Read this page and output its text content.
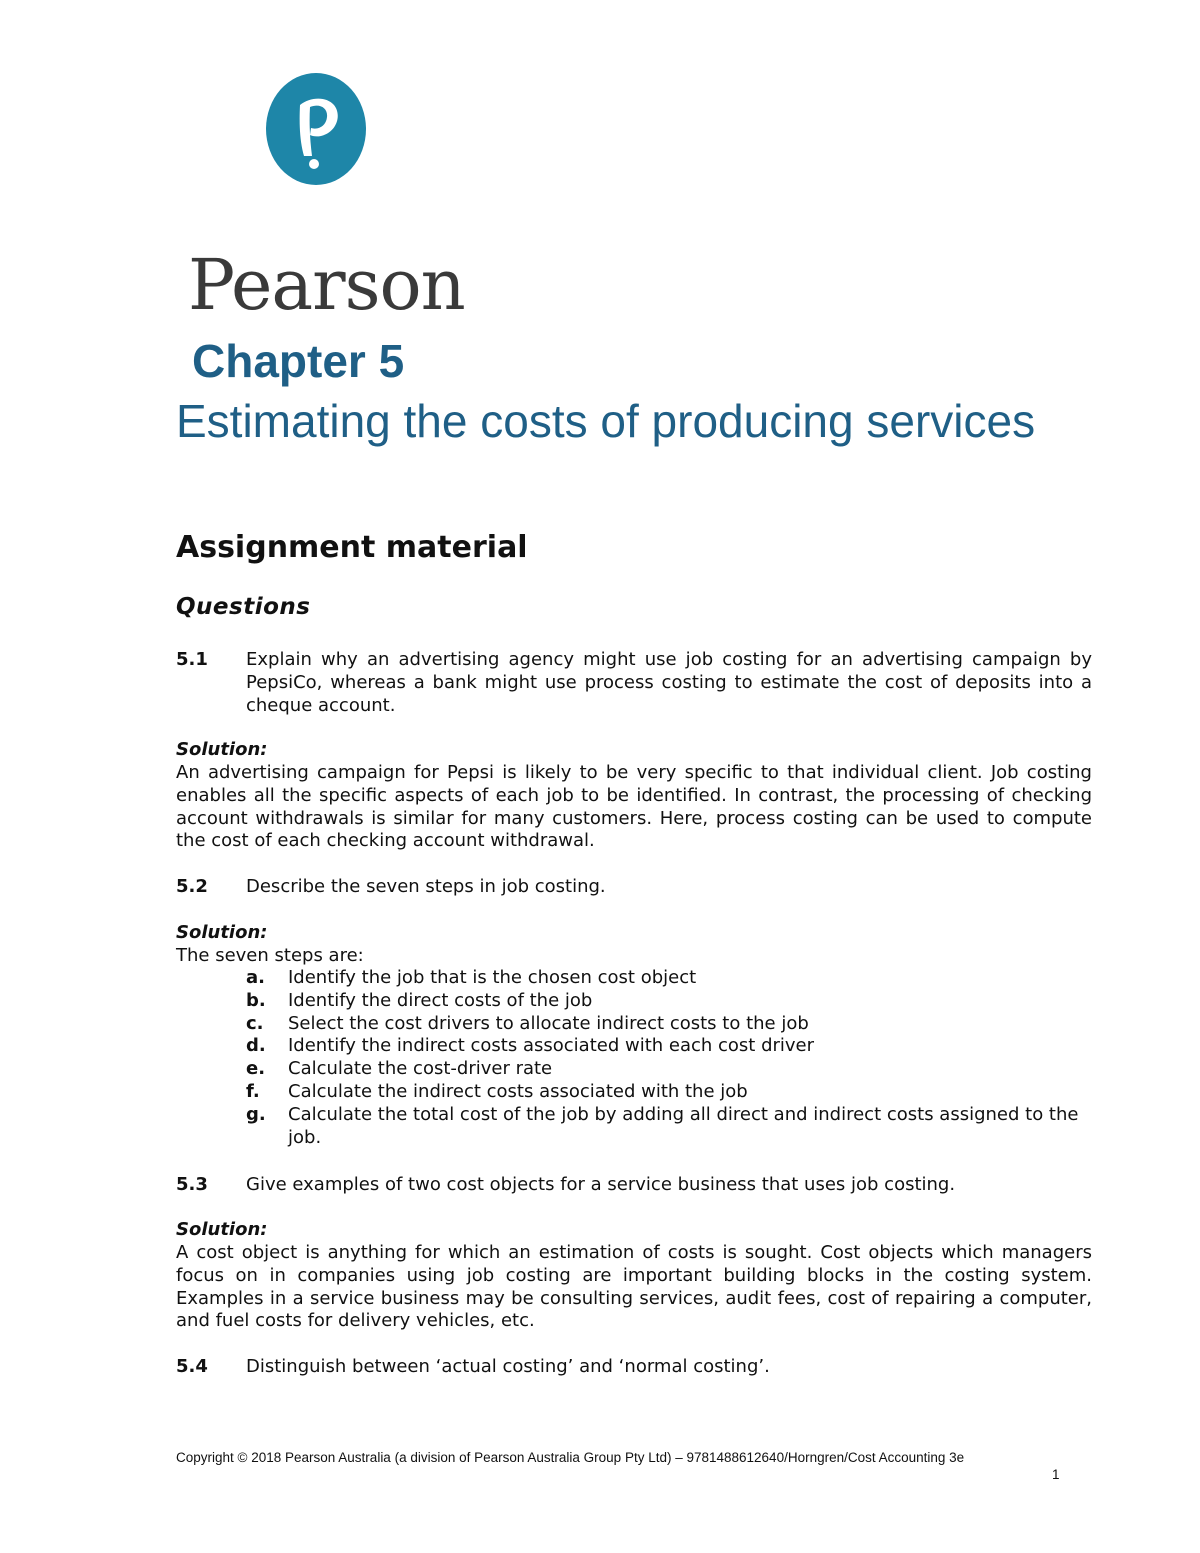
Pearson
Chapter 5
Estimating the costs of producing services
Assignment material
Questions
5.1 Explain why an advertising agency might use job costing for an advertising campaign by PepsiCo, whereas a bank might use process costing to estimate the cost of deposits into a cheque account.
Solution:
An advertising campaign for Pepsi is likely to be very specific to that individual client. Job costing enables all the specific aspects of each job to be identified. In contrast, the processing of checking account withdrawals is similar for many customers. Here, process costing can be used to compute the cost of each checking account withdrawal.
5.2 Describe the seven steps in job costing.
Solution:
The seven steps are:
a. Identify the job that is the chosen cost object
b. Identify the direct costs of the job
c. Select the cost drivers to allocate indirect costs to the job
d. Identify the indirect costs associated with each cost driver
e. Calculate the cost-driver rate
f. Calculate the indirect costs associated with the job
g. Calculate the total cost of the job by adding all direct and indirect costs assigned to the job.
5.3 Give examples of two cost objects for a service business that uses job costing.
Solution:
A cost object is anything for which an estimation of costs is sought. Cost objects which managers focus on in companies using job costing are important building blocks in the costing system. Examples in a service business may be consulting services, audit fees, cost of repairing a computer, and fuel costs for delivery vehicles, etc.
5.4 Distinguish between ‘actual costing’ and ‘normal costing’.
Copyright © 2018 Pearson Australia (a division of Pearson Australia Group Pty Ltd) – 9781488612640/Horngren/Cost Accounting 3e
1
